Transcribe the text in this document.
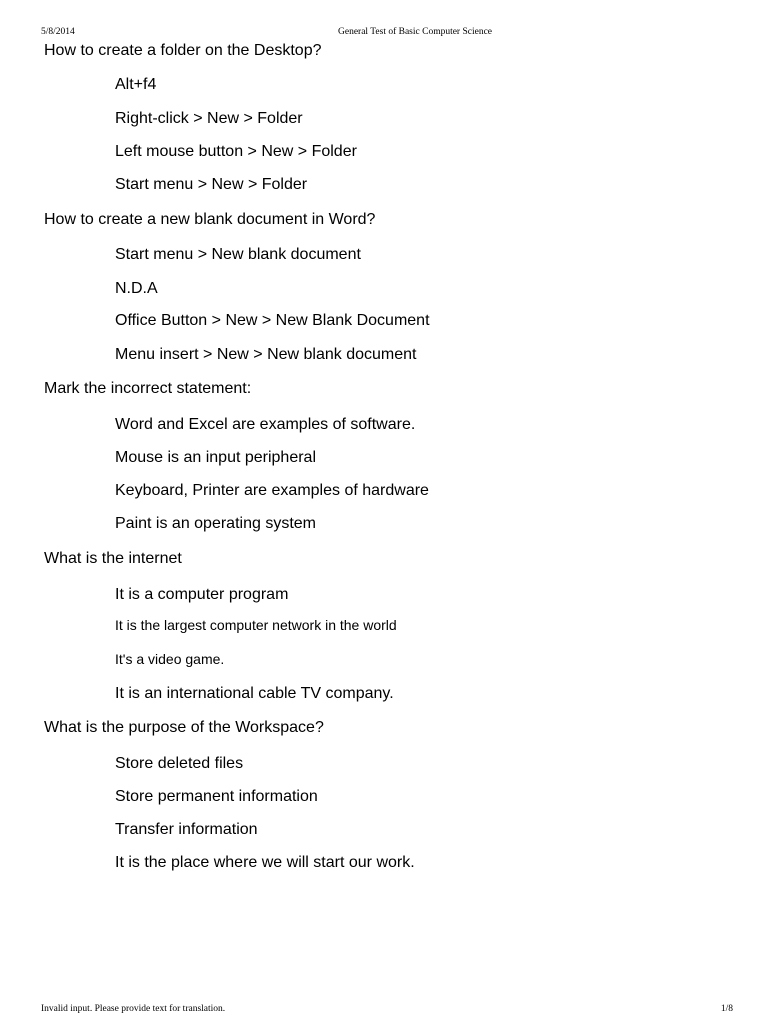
5/8/2014	General Test of Basic Computer Science
How to create a folder on the Desktop?
Alt+f4
Right-click > New > Folder
Left mouse button > New > Folder
Start menu > New > Folder
How to create a new blank document in Word?
Start menu > New blank document
N.D.A
Office Button > New > New Blank Document
Menu insert > New > New blank document
Mark the incorrect statement:
Word and Excel are examples of software.
Mouse is an input peripheral
Keyboard, Printer are examples of hardware
Paint is an operating system
What is the internet
It is a computer program
It is the largest computer network in the world
It's a video game.
It is an international cable TV company.
What is the purpose of the Workspace?
Store deleted files
Store permanent information
Transfer information
It is the place where we will start our work.
Invalid input. Please provide text for translation.	1/8
